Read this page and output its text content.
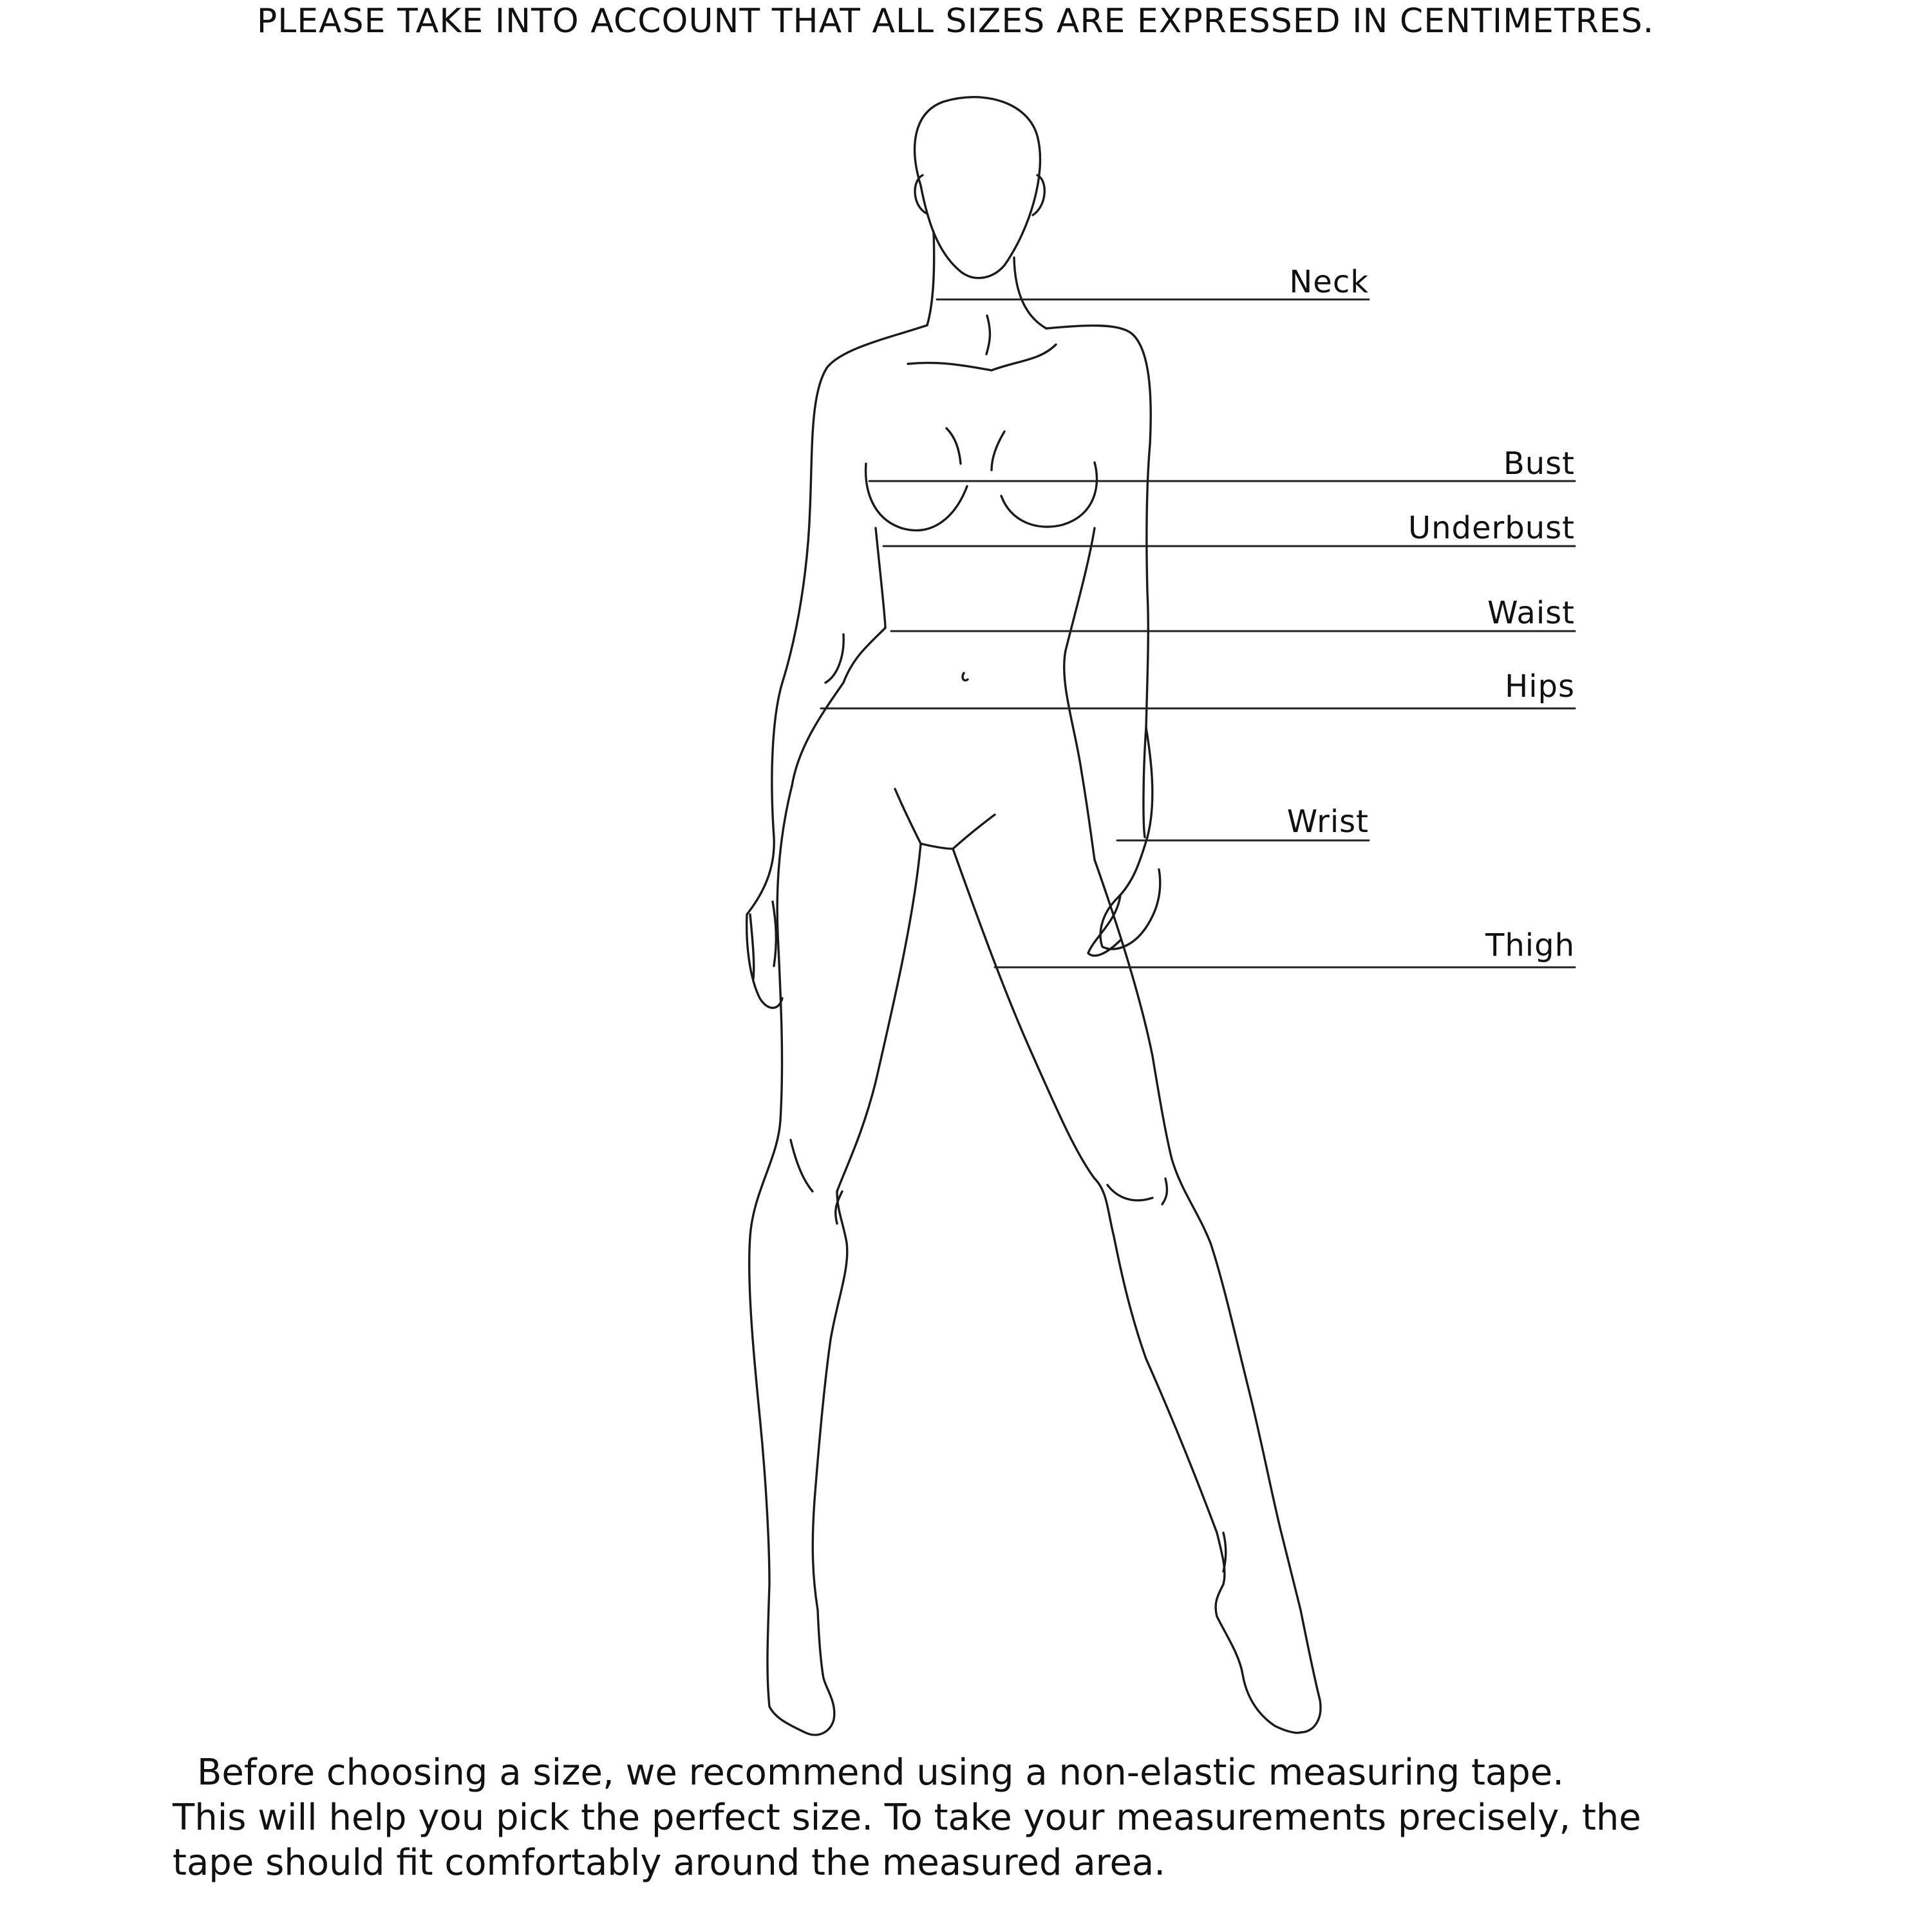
PLEASE TAKE INTO ACCOUNT THAT ALL SIZES ARE EXPRESSED IN CENTIMETRES.
Neck
Bust
Underbust
Waist
Hips
Wrist
Thigh
Before choosing a size, we recommend using a non-elastic measuring tape.
This will help you pick the perfect size. To take your measurements precisely, the
tape should fit comfortably around the measured area.
